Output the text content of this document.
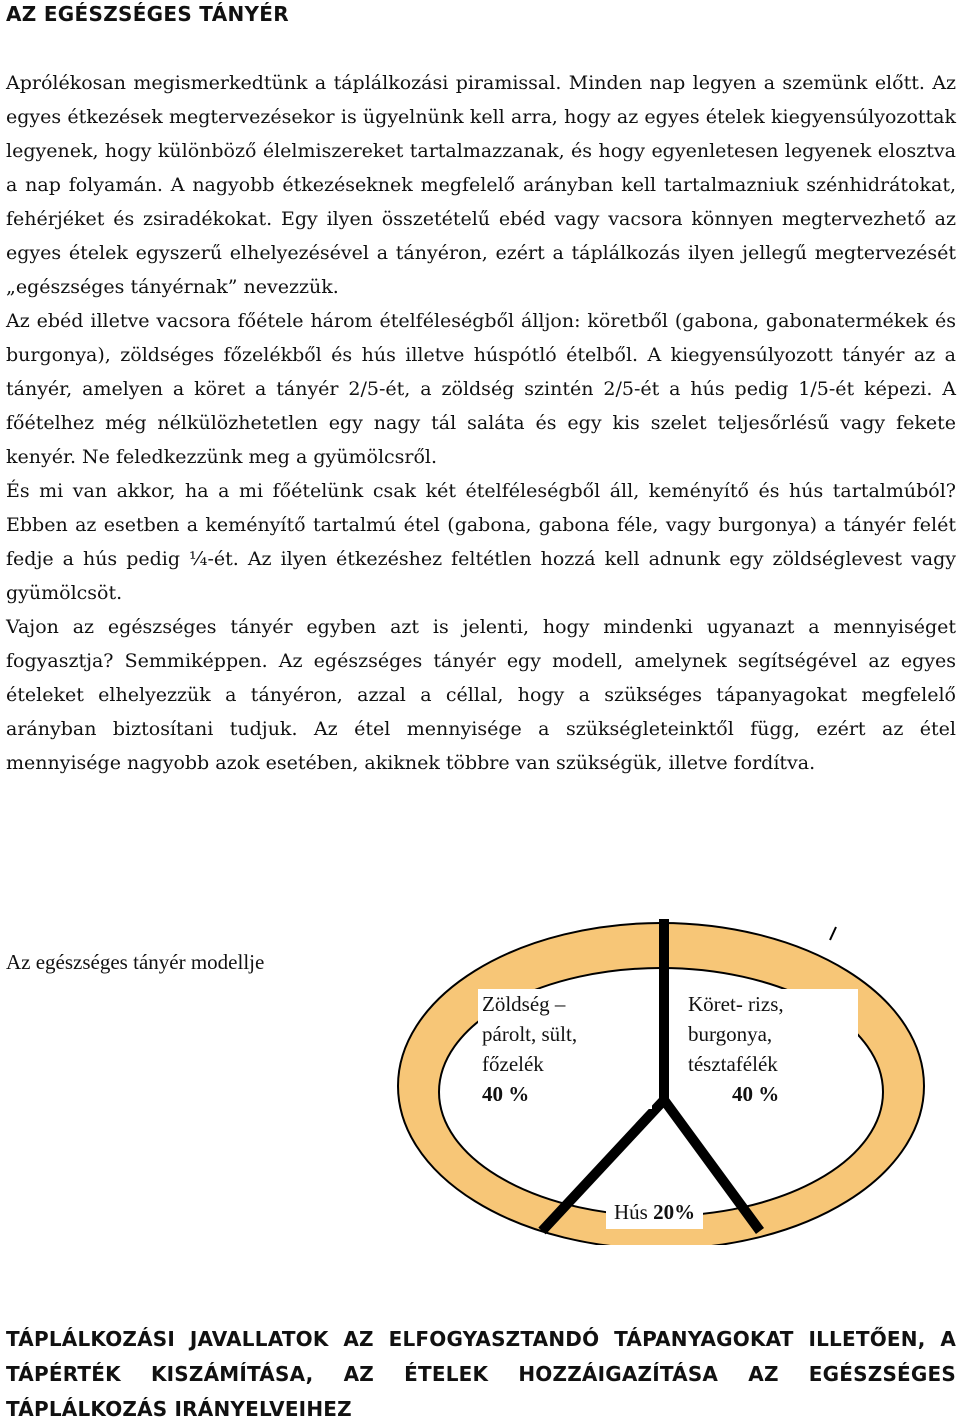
AZ EGÉSZSÉGES TÁNYÉR

Aprólékosan megismerkedtünk a táplálkozási piramissal. Minden nap legyen a szemünk előtt. Az egyes étkezések megtervezésekor is ügyelnünk kell arra, hogy az egyes ételek kiegyensúlyozottak legyenek, hogy különböző élelmiszereket tartalmazzanak, és hogy egyenletesen legyenek elosztva a nap folyamán. A nagyobb étkezéseknek megfelelő arányban kell tartalmazniuk szénhidrátokat, fehérjéket és zsiradékokat. Egy ilyen összetételű ebéd vagy vacsora könnyen megtervezhető az egyes ételek egyszerű elhelyezésével a tányéron, ezért a táplálkozás ilyen jellegű megtervezését „egészséges tányérnak” nevezzük.

Az ebéd illetve vacsora főétele három ételféleségből álljon: köretből (gabona, gabonatermékek és burgonya), zöldséges főzelékből és hús illetve húspótló ételből. A kiegyensúlyozott tányér az a tányér, amelyen a köret a tányér 2/5-ét, a zöldség szintén 2/5-ét a hús pedig 1/5-ét képezi. A főételhez még nélkülözhetetlen egy nagy tál saláta és egy kis szelet teljesőrlésű vagy fekete kenyér. Ne feledkezzünk meg a gyümölcsről.

És mi van akkor, ha a mi főételünk csak két ételféleségből áll, keményítő és hús tartalmúból? Ebben az esetben a keményítő tartalmú étel (gabona, gabona féle, vagy burgonya) a tányér felét fedje a hús pedig ¼-ét. Az ilyen étkezéshez feltétlen hozzá kell adnunk egy zöldséglevest vagy gyümölcsöt.

Vajon az egészséges tányér egyben azt is jelenti, hogy mindenki ugyanazt a mennyiséget fogyasztja? Semmiképpen. Az egészséges tányér egy modell, amelynek segítségével az egyes ételeket elhelyezzük a tányéron, azzal a céllal, hogy a szükséges tápanyagokat megfelelő arányban biztosítani tudjuk. Az étel mennyisége a szükségleteinktől függ, ezért az étel mennyisége nagyobb azok esetében, akiknek többre van szükségük, illetve fordítva.

Az egészséges tányér modellje
Zöldség –
párolt, sült,
főzelék
40 %
Köret- rizs,
burgonya,
tésztafélék
40 %
Hús 20%
TÁPLÁLKOZÁSI JAVALLATOK AZ ELFOGYASZTANDÓ TÁPANYAGOKAT ILLETŐEN, A TÁPÉRTÉK KISZÁMÍTÁSA, AZ ÉTELEK HOZZÁIGAZÍTÁSA AZ EGÉSZSÉGES TÁPLÁLKOZÁS IRÁNYELVEIHEZ
